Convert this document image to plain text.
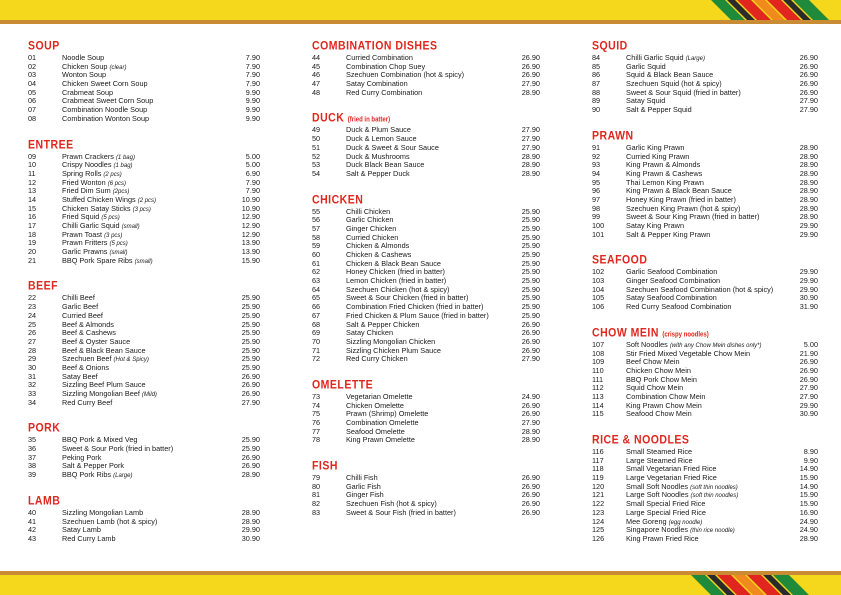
SOUP
01	Noodle Soup	7.90
02	Chicken Soup (clear)	7.90
03	Wonton Soup	7.90
04	Chicken Sweet Corn Soup	7.90
05	Crabmeat Soup	9.90
06	Crabmeat Sweet Corn Soup	9.90
07	Combination Noodle Soup	9.90
08	Combination Wonton Soup	9.90
ENTREE
09	Prawn Crackers (1 bag)	5.00
10	Crispy Noodles (1 bag)	5.00
11	Spring Rolls (2 pcs)	6.90
12	Fried Wonton (6 pcs)	7.90
13	Fried Dim Sum (2pcs)	7.90
14	Stuffed Chicken Wings (2 pcs)	10.90
15	Chicken Satay Sticks (3 pcs)	10.90
16	Fried Squid (5 pcs)	12.90
17	Chilli Garlic Squid (small)	12.90
18	Prawn Toast (3 pcs)	12.90
19	Prawn Fritters (5 pcs)	13.90
20	Garlic Prawns (small)	13.90
21	BBQ Pork Spare Ribs (small)	15.90
BEEF
22	Chilli Beef	25.90
23	Garlic Beef	25.90
24	Curried Beef	25.90
25	Beef & Almonds	25.90
26	Beef & Cashews	25.90
27	Beef & Oyster Sauce	25.90
28	Beef & Black Bean Sauce	25.90
29	Szechuen Beef (Hot & Spicy)	25.90
30	Beef & Onions	25.90
31	Satay Beef	26.90
32	Sizzling Beef Plum Sauce	26.90
33	Sizzling Mongolian Beef (Mild)	26.90
34	Red Curry Beef	27.90
PORK
35	BBQ Pork & Mixed Veg	25.90
36	Sweet & Sour Pork (fried in batter)	25.90
37	Peking Pork	26.90
38	Salt & Pepper Pork	26.90
39	BBQ Pork Ribs (Large)	28.90
LAMB
40	Sizzling Mongolian Lamb	28.90
41	Szechuen Lamb (hot & spicy)	28.90
42	Satay Lamb	29.90
43	Red Curry Lamb	30.90
COMBINATION DISHES
44	Curried Combination	26.90
45	Combination Chop Suey	26.90
46	Szechuen Combination (hot & spicy)	26.90
47	Satay Combination	27.90
48	Red Curry Combination	28.90
DUCK (fried in batter)
49	Duck & Plum Sauce	27.90
50	Duck & Lemon Sauce	27.90
51	Duck & Sweet & Sour Sauce	27.90
52	Duck & Mushrooms	28.90
53	Duck Black Bean Sauce	28.90
54	Salt & Pepper Duck	28.90
CHICKEN
55	Chilli Chicken	25.90
56	Garlic Chicken	25.90
57	Ginger Chicken	25.90
58	Curried Chicken	25.90
59	Chicken & Almonds	25.90
60	Chicken & Cashews	25.90
61	Chicken & Black Bean Sauce	25.90
62	Honey Chicken (fried in batter)	25.90
63	Lemon Chicken (fried in batter)	25.90
64	Szechuen Chicken (hot & spicy)	25.90
65	Sweet & Sour Chicken (fried in batter)	25.90
66	Combination Fried Chicken (fried in batter)	25.90
67	Fried Chicken & Plum Sauce (fried in batter)	25.90
68	Salt & Pepper Chicken	26.90
69	Satay Chicken	26.90
70	Sizzling Mongolian Chicken	26.90
71	Sizzling Chicken Plum Sauce	26.90
72	Red Curry Chicken	27.90
OMELETTE
73	Vegetarian Omelette	24.90
74	Chicken Omelette	26.90
75	Prawn (Shrimp) Omelette	26.90
76	Combination Omelette	27.90
77	Seafood Omelette	28.90
78	King Prawn Omelette	28.90
FISH
79	Chilli Fish	26.90
80	Garlic Fish	26.90
81	Ginger Fish	26.90
82	Szechuen Fish (hot & spicy)	26.90
83	Sweet & Sour Fish (fried in batter)	26.90
SQUID
84	Chilli Garlic Squid (Large)	26.90
85	Garlic Squid	26.90
86	Squid & Black Bean Sauce	26.90
87	Szechuen Squid (hot & spicy)	26.90
88	Sweet & Sour Squid (fried in batter)	26.90
89	Satay Squid	27.90
90	Salt & Pepper Squid	27.90
PRAWN
91	Garlic King Prawn	28.90
92	Curried King Prawn	28.90
93	King Prawn & Almonds	28.90
94	King Prawn & Cashews	28.90
95	Thai Lemon King Prawn	28.90
96	King Prawn & Black Bean Sauce	28.90
97	Honey King Prawn (fried in batter)	28.90
98	Szechuen King Prawn (hot & spicy)	28.90
99	Sweet & Sour King Prawn (fried in batter)	28.90
100	Satay King Prawn	29.90
101	Salt & Pepper King Prawn	29.90
SEAFOOD
102	Garlic Seafood Combination	29.90
103	Ginger Seafood Combination	29.90
104	Szechuen Seafood Combination (hot & spicy)	29.90
105	Satay Seafood Combination	30.90
106	Red Curry Seafood Combination	31.90
CHOW MEIN (crispy noodles)
107	Soft Noodles (with any Chow Mein dishes only*)	5.00
108	Stir Fried Mixed Vegetable Chow Mein	21.90
109	Beef Chow Mein	26.90
110	Chicken Chow Mein	26.90
111	BBQ Pork Chow Mein	26.90
112	Squid Chow Mein	27.90
113	Combination Chow Mein	27.90
114	King Prawn Chow Mein	29.90
115	Seafood Chow Mein	30.90
RICE & NOODLES
116	Small Steamed Rice	8.90
117	Large Steamed Rice	9.90
118	Small Vegetarian Fried Rice	14.90
119	Large Vegetarian Fried Rice	15.90
120	Small Soft Noodles (soft thin noodles)	14.90
121	Large Soft Noodles (soft thin noodles)	15.90
122	Small Special Fried Rice	15.90
123	Large Special Fried Rice	16.90
124	Mee Goreng (egg noodle)	24.90
125	Singapore Noodles (thin rice noodle)	24.90
126	King Prawn Fried Rice	28.90
